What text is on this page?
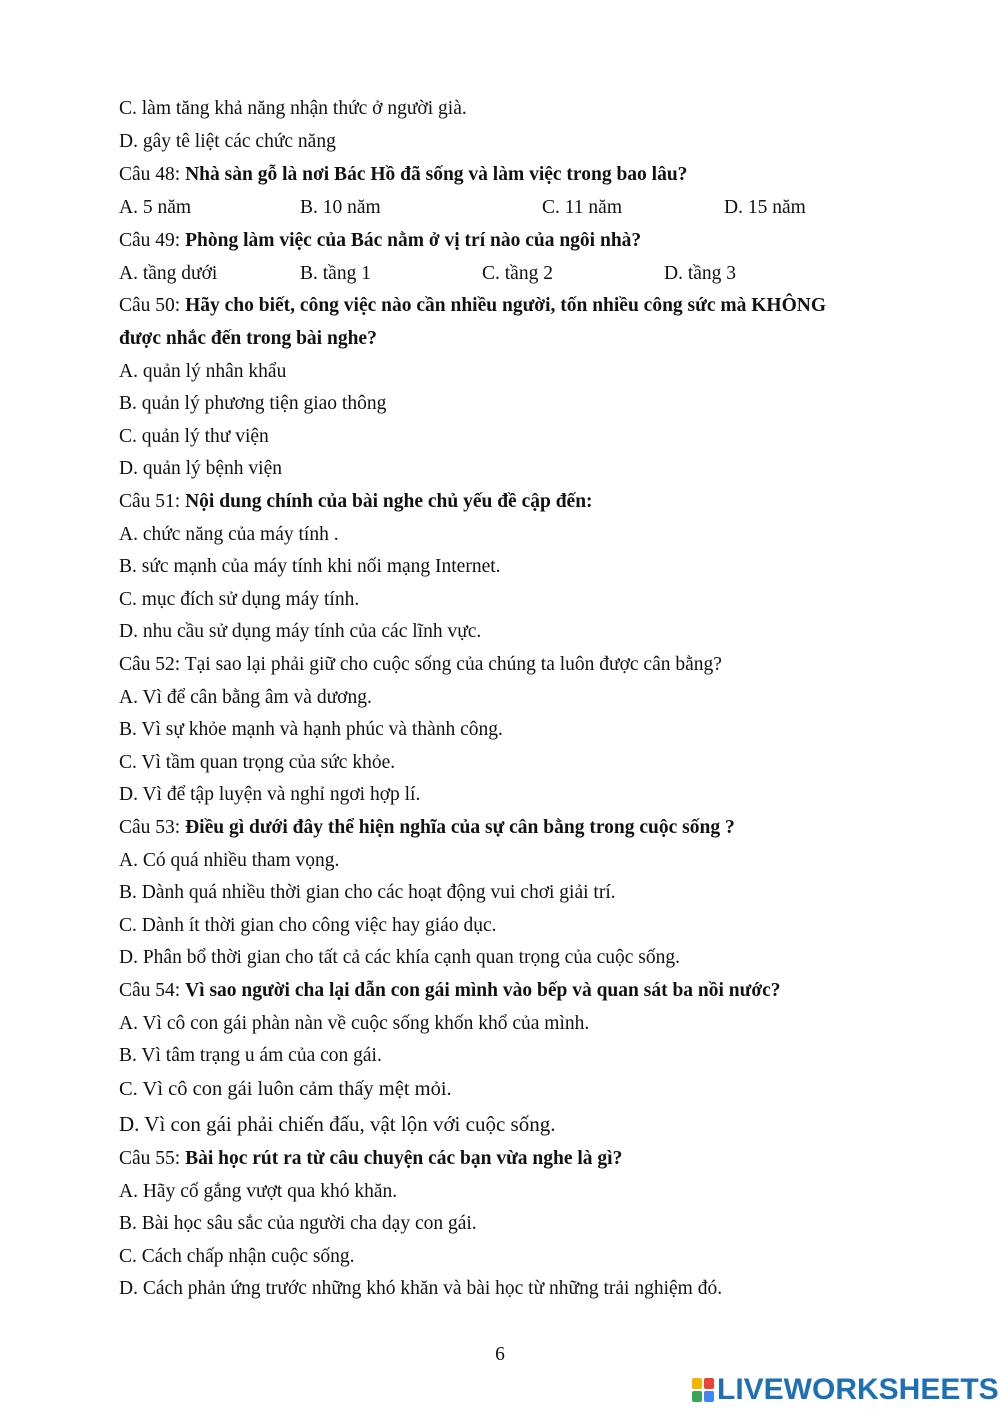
C. làm tăng khả năng nhận thức ở người già.
D. gây tê liệt các chức năng
Câu 48: Nhà sàn gỗ là nơi Bác Hồ đã sống và làm việc trong bao lâu?
A. 5 năm	B. 10 năm	C. 11 năm	D. 15 năm
Câu 49: Phòng làm việc của Bác nằm ở vị trí nào của ngôi nhà?
A. tầng dưới	B. tầng 1	C. tầng 2	D. tầng 3
Câu 50: Hãy cho biết, công việc nào cần nhiều người, tốn nhiều công sức mà KHÔNG
được nhắc đến trong bài nghe?
A. quản lý nhân khẩu
B. quản lý phương tiện giao thông
C. quản lý thư viện
D. quản lý bệnh viện
Câu 51: Nội dung chính của bài nghe chủ yếu đề cập đến:
A. chức năng của máy tính .
B. sức mạnh của máy tính khi nối mạng Internet.
C. mục đích sử dụng máy tính.
D. nhu cầu sử dụng máy tính của các lĩnh vực.
Câu 52: Tại sao lại phải giữ cho cuộc sống của chúng ta luôn được cân bằng?
A. Vì để cân bằng âm và dương.
B. Vì sự khỏe mạnh và hạnh phúc và thành công.
C. Vì tầm quan trọng của sức khỏe.
D. Vì để tập luyện và nghỉ ngơi hợp lí.
Câu 53: Điều gì dưới đây thể hiện nghĩa của sự cân bằng trong cuộc sống ?
A. Có quá nhiều tham vọng.
B. Dành quá nhiều thời gian cho các hoạt động vui chơi giải trí.
C. Dành ít thời gian cho công việc hay giáo dục.
D. Phân bổ thời gian cho tất cả các khía cạnh quan trọng của cuộc sống.
Câu 54: Vì sao người cha lại dẫn con gái mình vào bếp và quan sát ba nồi nước?
A. Vì cô con gái phàn nàn về cuộc sống khốn khổ của mình.
B. Vì tâm trạng u ám của con gái.
C. Vì cô con gái luôn cảm thấy mệt mỏi.
D. Vì con gái phải chiến đấu, vật lộn với cuộc sống.
Câu 55: Bài học rút ra từ câu chuyện các bạn vừa nghe là gì?
A. Hãy cố gắng vượt qua khó khăn.
B. Bài học sâu sắc của người cha dạy con gái.
C. Cách chấp nhận cuộc sống.
D. Cách phản ứng trước những khó khăn và bài học từ những trải nghiệm đó.
6
LIVEWORKSHEETS
